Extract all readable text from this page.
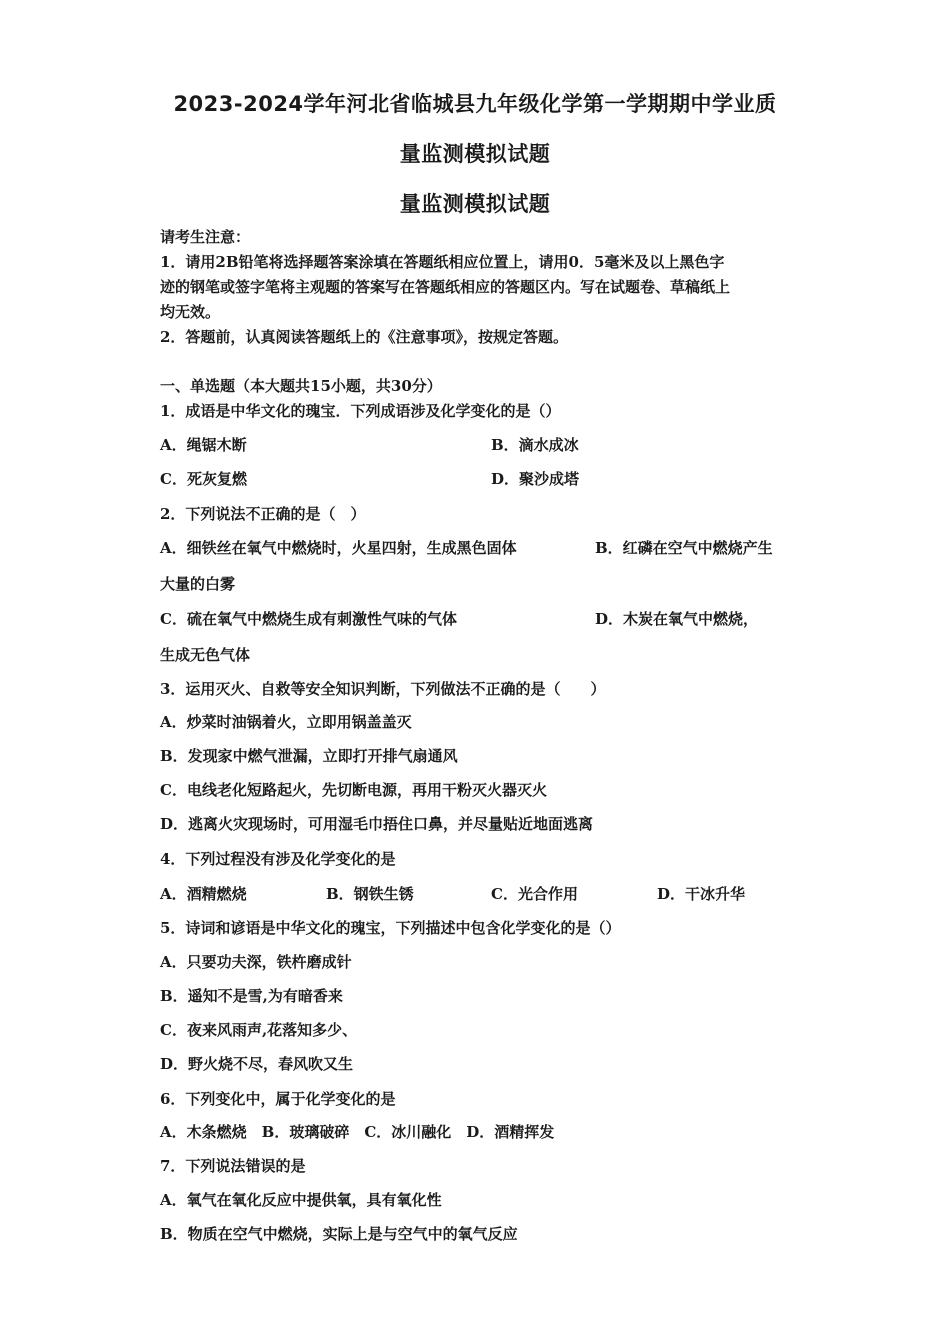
2023-2024学年河北省临城县九年级化学第一学期期中学业质
量监测模拟试题
量监测模拟试题
请考生注意：
1．请用2B铅笔将选择题答案涂填在答题纸相应位置上，请用0．5毫米及以上黑色字
迹的钢笔或签字笔将主观题的答案写在答题纸相应的答题区内。写在试题卷、草稿纸上
均无效。
2．答题前，认真阅读答题纸上的《注意事项》，按规定答题。
一、单选题（本大题共15小题，共30分）
1．成语是中华文化的瑰宝．下列成语涉及化学变化的是（）
A．绳锯木断	B．滴水成冰
C．死灰复燃	D．聚沙成塔
2．下列说法不正确的是（　）
A．细铁丝在氧气中燃烧时，火星四射，生成黑色固体	B．红磷在空气中燃烧产生
大量的白雾
C．硫在氧气中燃烧生成有刺激性气味的气体	D．木炭在氧气中燃烧，
生成无色气体
3．运用灭火、自救等安全知识判断，下列做法不正确的是（　　）
A．炒菜时油锅着火，立即用锅盖盖灭
B．发现家中燃气泄漏，立即打开排气扇通风
C．电线老化短路起火，先切断电源，再用干粉灭火器灭火
D．逃离火灾现场时，可用湿毛巾捂住口鼻，并尽量贴近地面逃离
4．下列过程没有涉及化学变化的是
A．酒精燃烧	B．钢铁生锈	C．光合作用	D．干冰升华
5．诗词和谚语是中华文化的瑰宝，下列描述中包含化学变化的是（）
A．只要功夫深，铁杵磨成针
B．遥知不是雪,为有暗香来
C．夜来风雨声,花落知多少、
D．野火烧不尽，春风吹又生
6．下列变化中，属于化学变化的是
A．木条燃烧　B．玻璃破碎　C．冰川融化　D．酒精挥发
7．下列说法错误的是
A．氧气在氧化反应中提供氧，具有氧化性
B．物质在空气中燃烧，实际上是与空气中的氧气反应
